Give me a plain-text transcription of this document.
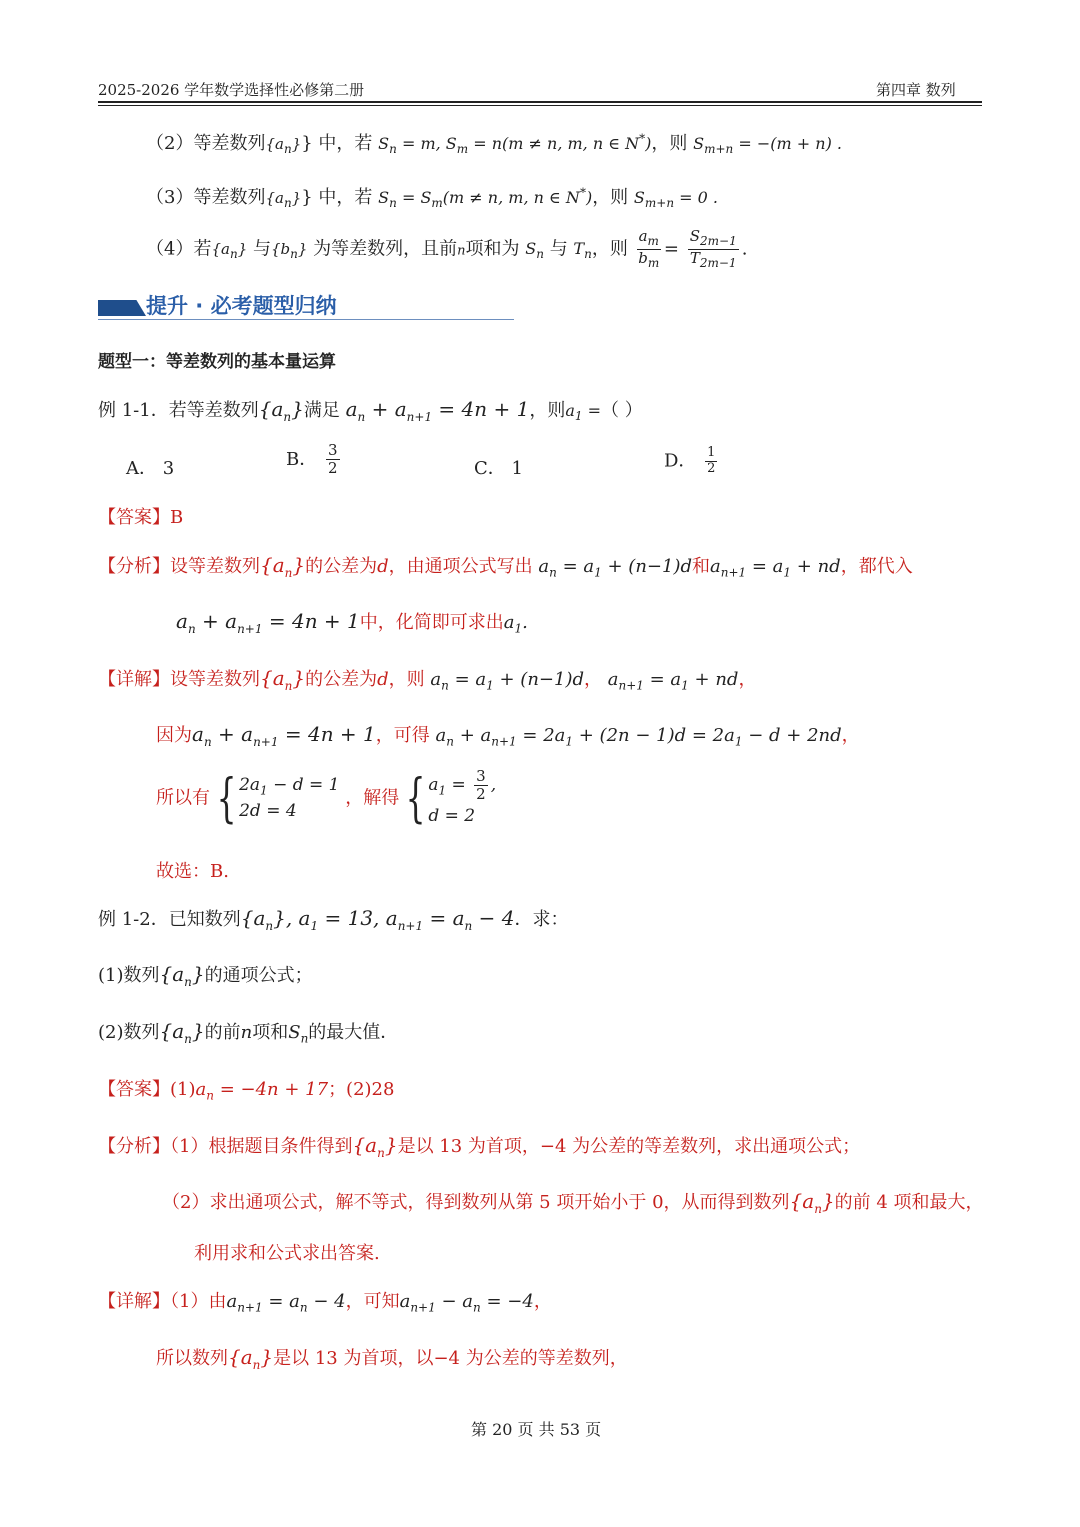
2025-2026 学年数学选择性必修第二册	第四章 数列
（2）等差数列$\{a_n\}$} 中，若 $S_n = m$, $S_m = n(m \ne n$, m, n ∈ N*)，则 $S_{m+n} = -(m + n)$ .
（3）等差数列$\{a_n\}$} 中，若 $S_n = S_m(m \ne n$, m, n ∈ N*)，则 $S_{m+n} = 0$ .
（4）若$\{a_n\}$ 与$\{b_n\}$ 为等差数列，且前n项和为 $S_n$ 与 $T_n$，则 $\frac{a_m}{b_m} = \frac{S_{2m-1}}{T_{2m-1}}$ .
提升 · 必考题型归纳
题型一：等差数列的基本量运算
例 1-1．若等差数列$\{a_n\}$满足 $a_n + a_{n+1} = 4n + 1$，则$a_1$ =（ ）
A． 3	B． $\frac{3}{2}$	C． 1	D． $\frac{1}{2}$
【答案】B
【分析】设等差数列$\{a_n\}$的公差为d，由通项公式写出 $a_n = a_1 + (n-1)d$和$a_{n+1} = a_1$ + nd，都代入
$a_n + a_{n+1} = 4n + 1$中，化简即可求出$a_1$.
【详解】设等差数列$\{a_n\}$的公差为d，则 $a_n = a_1 + (n-1)d$， $a_{n+1} = a_1$ + nd，
因为$a_n + a_{n+1} = 4n + 1$，可得 $a_n + a_{n+1} = 2a_1 + (2n - 1)d = 2a_1 - d + 2nd$，
所以有 { $2a_1 - d = 1$
2d = 4 ，解得 { $a_1 = \frac{3}{2}$ ,
d = 2
故选：B.
例 1-2．已知数列$\{a_n\}$, $a_1 = 13$, $a_{n+1} = a_n - 4$．求：
(1)数列$\{a_n\}$的通项公式；
(2)数列$\{a_n\}$的前n项和$S_n$的最大值．
【答案】$(1)a_n = -4n + 17$；(2)28
【分析】（1）根据题目条件得到$\{a_n\}$是以 13 为首项，−4 为公差的等差数列，求出通项公式；
（2）求出通项公式，解不等式，得到数列从第 5 项开始小于 0，从而得到数列$\{a_n\}$的前 4 项和最大，
利用求和公式求出答案.
【详解】（1）由$a_{n+1} = a_n - 4$，可知$a_{n+1} - a_n = -4$，
所以数列$\{a_n\}$是以 13 为首项，以−4 为公差的等差数列，
第 20 页 共 53 页
